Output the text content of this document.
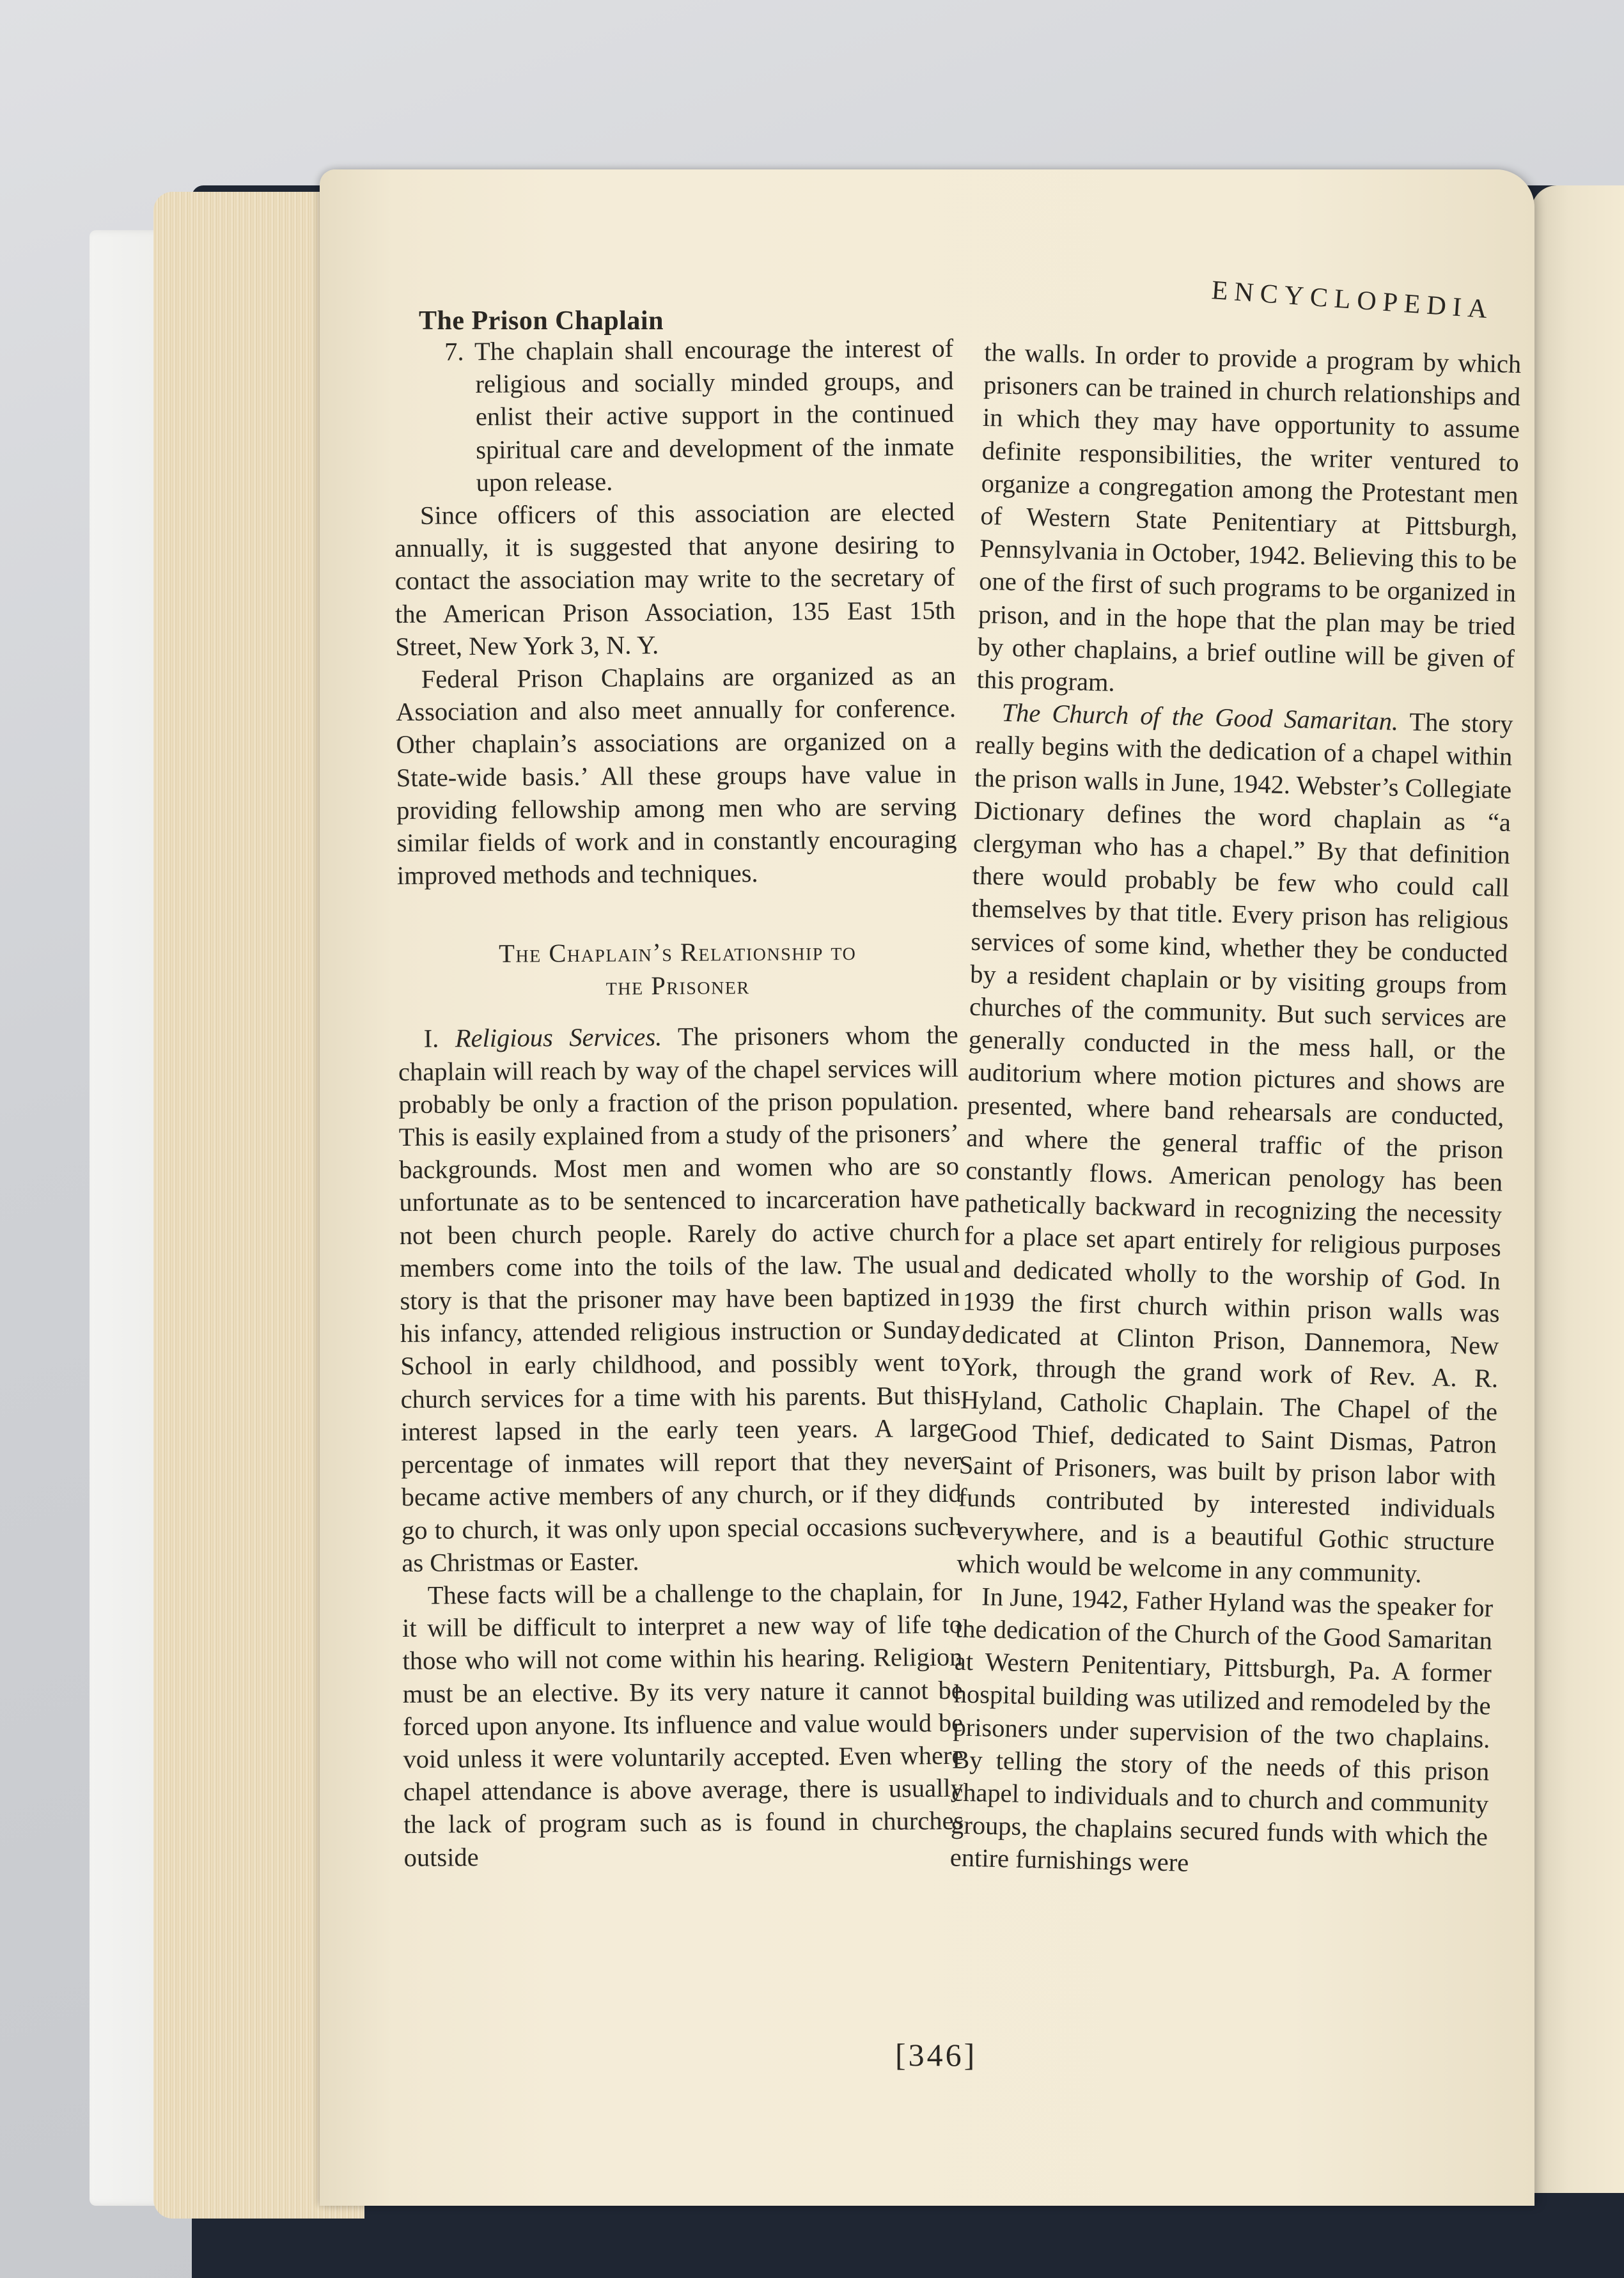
The Prison Chaplain	ENCYCLOPEDIA

7. The chaplain shall encourage the interest of religious and socially minded groups, and enlist their active support in the continued spiritual care and development of the inmate upon release.

Since officers of this association are elected annually, it is suggested that anyone desiring to contact the association may write to the secretary of the American Prison Association, 135 East 15th Street, New York 3, N. Y.

Federal Prison Chaplains are organized as an Association and also meet annually for conference. Other chaplain’s associations are organized on a State-wide basis.’ All these groups have value in providing fellowship among men who are serving similar fields of work and in constantly encouraging improved methods and techniques.

The Chaplain’s Relationship to
the Prisoner

I. Religious Services. The prisoners whom the chaplain will reach by way of the chapel services will probably be only a fraction of the prison population. This is easily explained from a study of the prisoners’ backgrounds. Most men and women who are so unfortunate as to be sentenced to incarceration have not been church people. Rarely do active church members come into the toils of the law. The usual story is that the prisoner may have been baptized in his infancy, attended religious instruction or Sunday School in early childhood, and possibly went to church services for a time with his parents. But this interest lapsed in the early teen years. A large percentage of inmates will report that they never became active members of any church, or if they did go to church, it was only upon special occasions such as Christmas or Easter.

These facts will be a challenge to the chaplain, for it will be difficult to interpret a new way of life to those who will not come within his hearing. Religion must be an elective. By its very nature it cannot be forced upon anyone. Its influence and value would be void unless it were voluntarily accepted. Even where chapel attendance is above average, there is usually the lack of program such as is found in churches outside

the walls. In order to provide a program by which prisoners can be trained in church relationships and in which they may have opportunity to assume definite responsibilities, the writer ventured to organize a congregation among the Protestant men of Western State Penitentiary at Pittsburgh, Pennsylvania in October, 1942. Believing this to be one of the first of such programs to be organized in prison, and in the hope that the plan may be tried by other chaplains, a brief outline will be given of this program.

The Church of the Good Samaritan. The story really begins with the dedication of a chapel within the prison walls in June, 1942. Webster’s Collegiate Dictionary defines the word chaplain as “a clergyman who has a chapel.” By that definition there would probably be few who could call themselves by that title. Every prison has religious services of some kind, whether they be conducted by a resident chaplain or by visiting groups from churches of the community. But such services are generally conducted in the mess hall, or the auditorium where motion pictures and shows are presented, where band rehearsals are conducted, and where the general traffic of the prison constantly flows. American penology has been pathetically backward in recognizing the necessity for a place set apart entirely for religious purposes and dedicated wholly to the worship of God. In 1939 the first church within prison walls was dedicated at Clinton Prison, Dannemora, New York, through the grand work of Rev. A. R. Hyland, Catholic Chaplain. The Chapel of the Good Thief, dedicated to Saint Dismas, Patron Saint of Prisoners, was built by prison labor with funds contributed by interested individuals everywhere, and is a beautiful Gothic structure which would be welcome in any community.

In June, 1942, Father Hyland was the speaker for the dedication of the Church of the Good Samaritan at Western Penitentiary, Pittsburgh, Pa. A former hospital building was utilized and remodeled by the prisoners under supervision of the two chaplains. By telling the story of the needs of this prison chapel to individuals and to church and community groups, the chaplains secured funds with which the entire furnishings were

[346]
